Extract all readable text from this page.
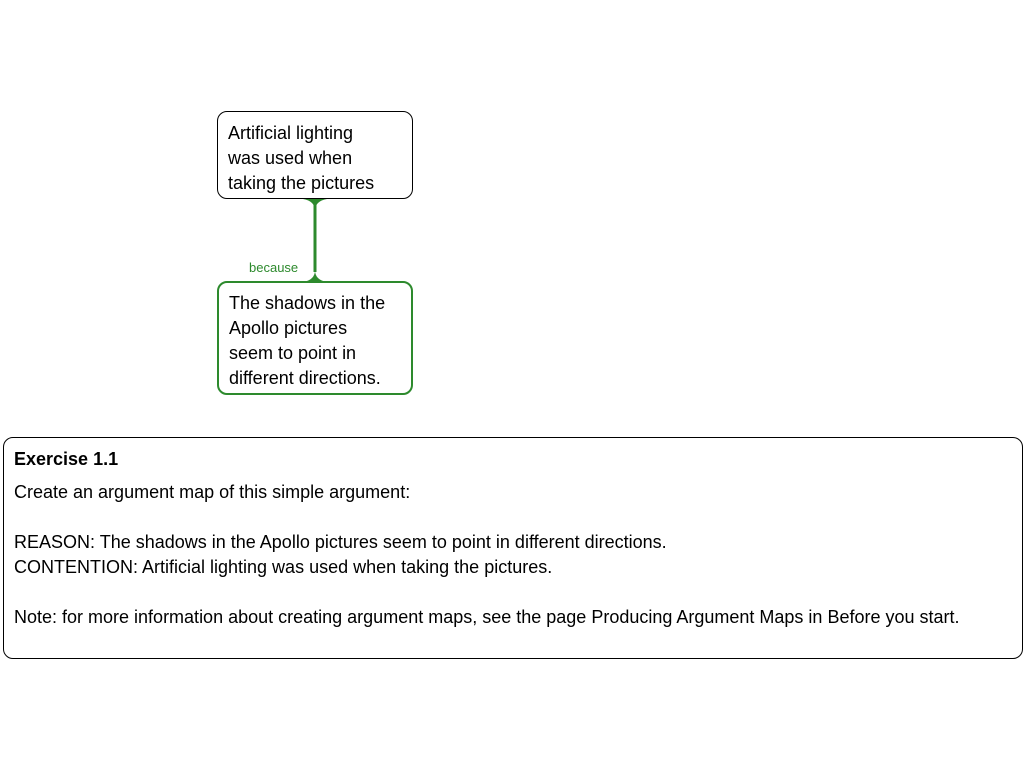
Artificial lighting
was used when
taking the pictures
because
The shadows in the
Apollo pictures
seem to point in
different directions.
Exercise 1.1

Create an argument map of this simple argument:

REASON: The shadows in the Apollo pictures seem to point in different directions.

CONTENTION: Artificial lighting was used when taking the pictures.

Note: for more information about creating argument maps, see the page Producing Argument Maps in Before you start.
